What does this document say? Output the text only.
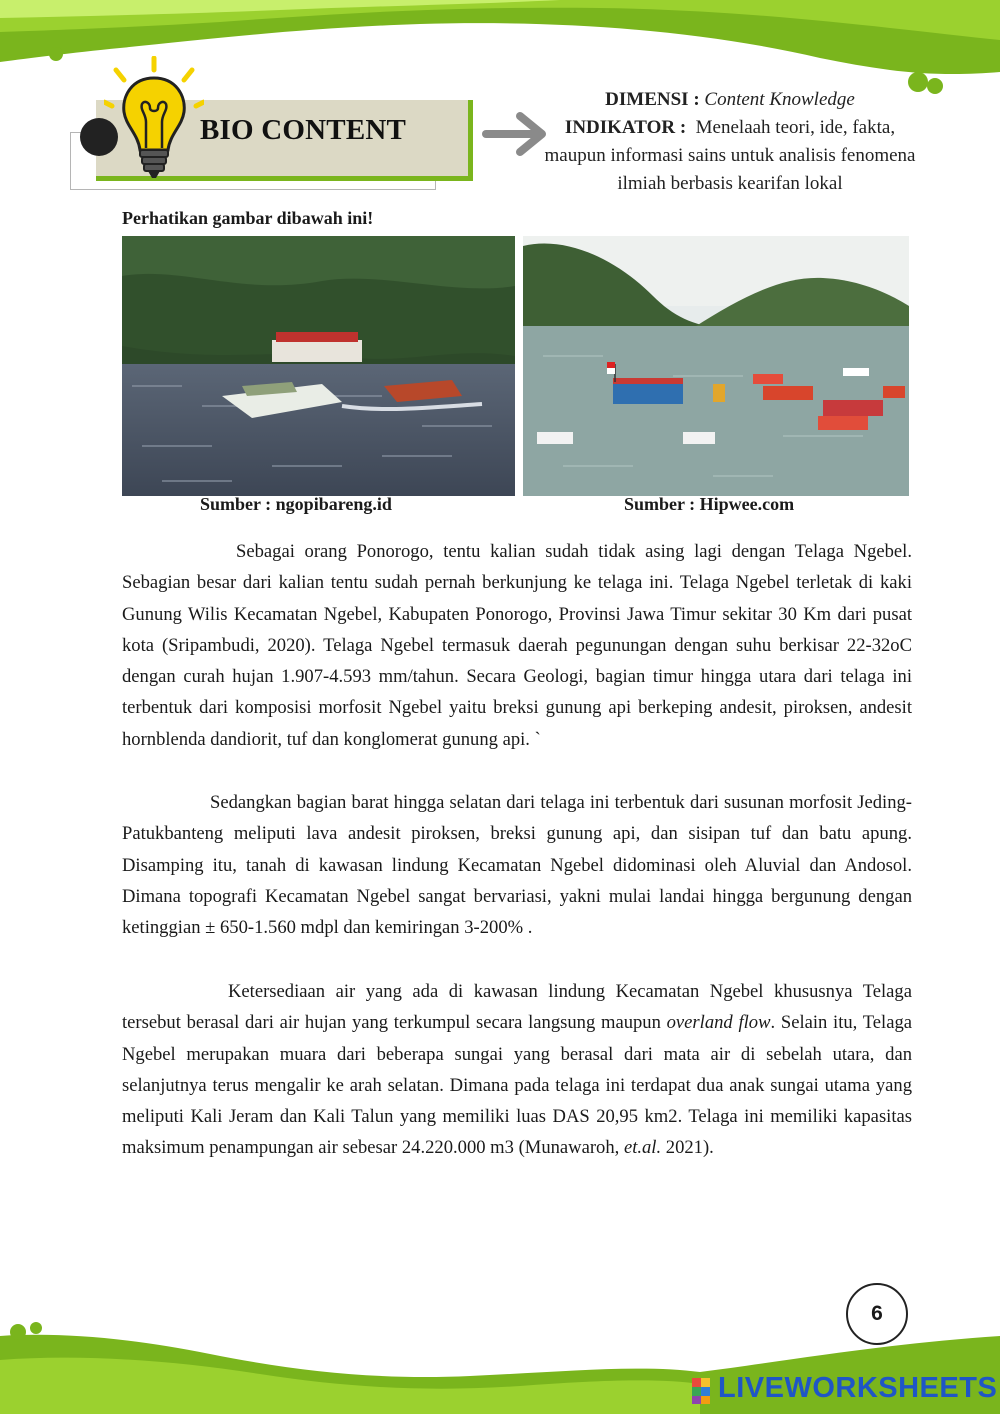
BIO CONTENT
DIMENSI : Content Knowledge
INDIKATOR : Menelaah teori, ide, fakta, maupun informasi sains untuk analisis fenomena ilmiah berbasis kearifan lokal
Perhatikan gambar dibawah ini!
Sumber : ngopibareng.id	Sumber : Hipwee.com
Sebagai orang Ponorogo, tentu kalian sudah tidak asing lagi dengan Telaga Ngebel. Sebagian besar dari kalian tentu sudah pernah berkunjung ke telaga ini. Telaga Ngebel terletak di kaki Gunung Wilis Kecamatan Ngebel, Kabupaten Ponorogo, Provinsi Jawa Timur sekitar 30 Km dari pusat kota (Sripambudi, 2020). Telaga Ngebel termasuk daerah pegunungan dengan suhu berkisar 22-32oC dengan curah hujan 1.907-4.593 mm/tahun. Secara Geologi, bagian timur hingga utara dari telaga ini terbentuk dari komposisi morfosit Ngebel yaitu breksi gunung api berkeping andesit, piroksen, andesit hornblenda dandiorit, tuf dan konglomerat gunung api. `
Sedangkan bagian barat hingga selatan dari telaga ini terbentuk dari susunan morfosit Jeding-Patukbanteng meliputi lava andesit piroksen, breksi gunung api, dan sisipan tuf dan batu apung. Disamping itu, tanah di kawasan lindung Kecamatan Ngebel didominasi oleh Aluvial dan Andosol. Dimana topografi Kecamatan Ngebel sangat bervariasi, yakni mulai landai hingga bergunung dengan ketinggian ± 650-1.560 mdpl dan kemiringan 3-200% .
Ketersediaan air yang ada di kawasan lindung Kecamatan Ngebel khususnya Telaga tersebut berasal dari air hujan yang terkumpul secara langsung maupun overland flow. Selain itu, Telaga Ngebel merupakan muara dari beberapa sungai yang berasal dari mata air di sebelah utara, dan selanjutnya terus mengalir ke arah selatan. Dimana pada telaga ini terdapat dua anak sungai utama yang meliputi Kali Jeram dan Kali Talun yang memiliki luas DAS 20,95 km2. Telaga ini memiliki kapasitas maksimum penampungan air sebesar 24.220.000 m3 (Munawaroh, et.al. 2021).
6
LIVEWORKSHEETS
